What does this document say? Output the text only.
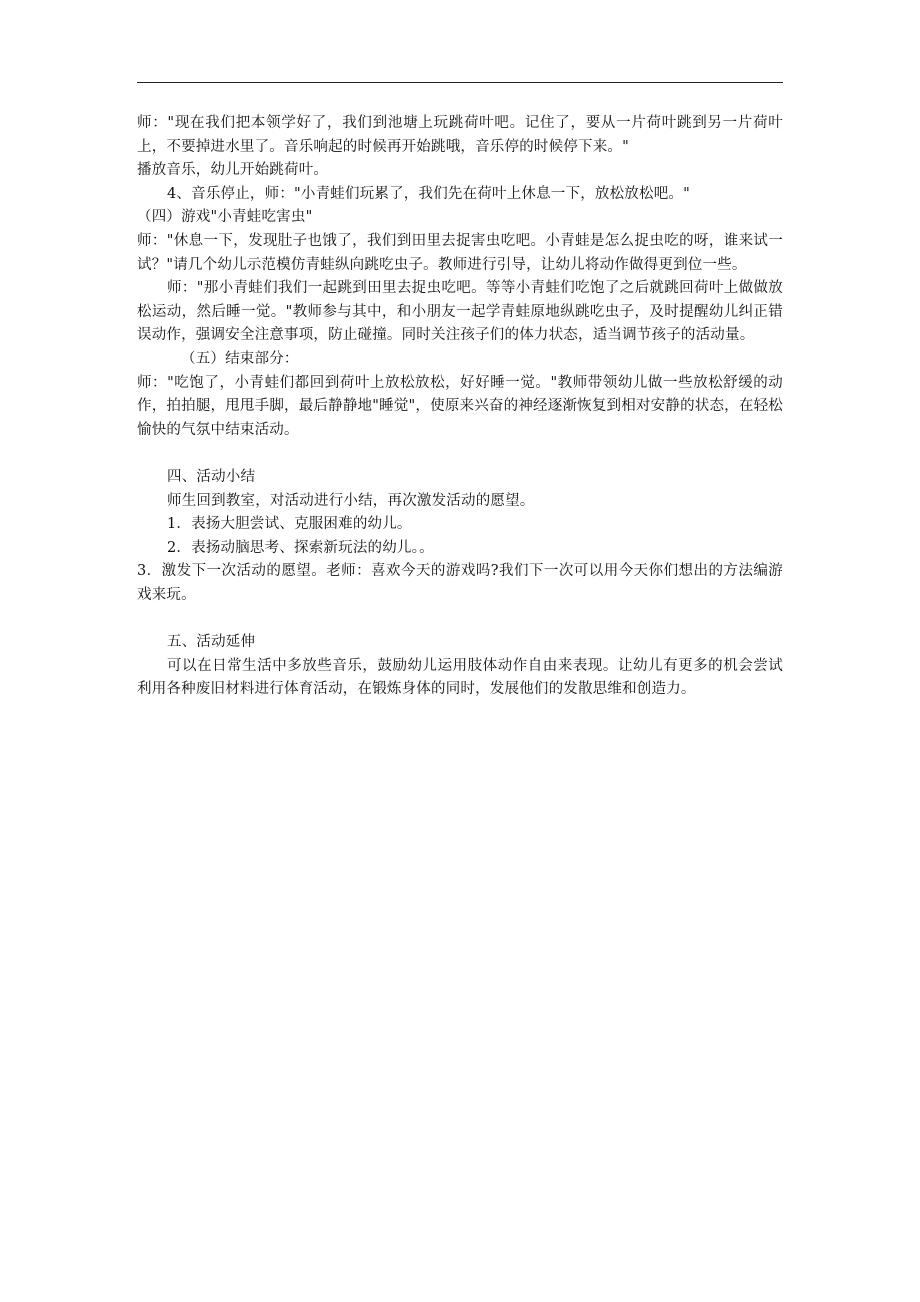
师："现在我们把本领学好了，我们到池塘上玩跳荷叶吧。记住了，要从一片荷叶跳到另一片荷叶上，不要掉进水里了。音乐响起的时候再开始跳哦，音乐停的时候停下来。"

播放音乐，幼儿开始跳荷叶。

4、音乐停止，师："小青蛙们玩累了，我们先在荷叶上休息一下，放松放松吧。"

（四）游戏"小青蛙吃害虫"

师："休息一下，发现肚子也饿了，我们到田里去捉害虫吃吧。小青蛙是怎么捉虫吃的呀，谁来试一试？"请几个幼儿示范模仿青蛙纵向跳吃虫子。教师进行引导，让幼儿将动作做得更到位一些。

师："那小青蛙们我们一起跳到田里去捉虫吃吧。等等小青蛙们吃饱了之后就跳回荷叶上做做放松运动，然后睡一觉。"教师参与其中，和小朋友一起学青蛙原地纵跳吃虫子，及时提醒幼儿纠正错误动作，强调安全注意事项，防止碰撞。同时关注孩子们的体力状态，适当调节孩子的活动量。

（五）结束部分：

师："吃饱了，小青蛙们都回到荷叶上放松放松，好好睡一觉。"教师带领幼儿做一些放松舒缓的动作，拍拍腿，甩甩手脚，最后静静地"睡觉"，使原来兴奋的神经逐渐恢复到相对安静的状态，在轻松愉快的气氛中结束活动。

四、活动小结

师生回到教室，对活动进行小结，再次激发活动的愿望。

1．表扬大胆尝试、克服困难的幼儿。

2．表扬动脑思考、探索新玩法的幼儿。。

3．激发下一次活动的愿望。老师：喜欢今天的游戏吗?我们下一次可以用今天你们想出的方法编游戏来玩。

五、活动延伸

可以在日常生活中多放些音乐，鼓励幼儿运用肢体动作自由来表现。让幼儿有更多的机会尝试利用各种废旧材料进行体育活动，在锻炼身体的同时，发展他们的发散思维和创造力。
